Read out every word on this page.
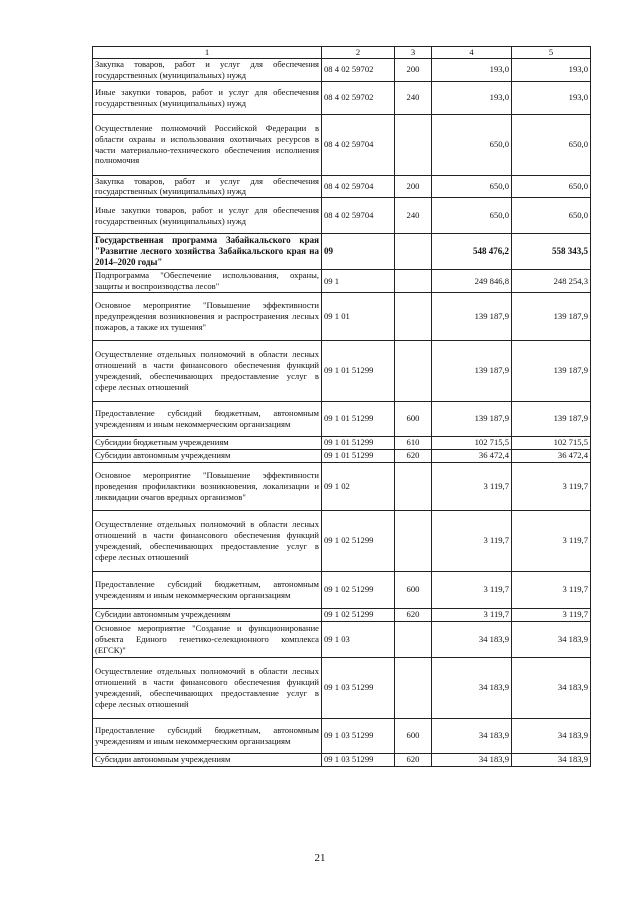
1	2	3	4	5
Закупка товаров, работ и услуг для обеспечения государственных (муниципальных) нужд	08 4 02 59702	200	193,0	193,0
Иные закупки товаров, работ и услуг для обеспечения государственных (муниципальных) нужд	08 4 02 59702	240	193,0	193,0
Осуществление полномочий Российской Федерации в области охраны и использования охотничьих ресурсов в части материально-технического обеспечения исполнения полномочия	08 4 02 59704		650,0	650,0
Закупка товаров, работ и услуг для обеспечения государственных (муниципальных) нужд	08 4 02 59704	200	650,0	650,0
Иные закупки товаров, работ и услуг для обеспечения государственных (муниципальных) нужд	08 4 02 59704	240	650,0	650,0
Государственная программа Забайкальского края "Развитие лесного хозяйства Забайкальского края на 2014–2020 годы"	09		548 476,2	558 343,5
Подпрограмма "Обеспечение использования, охраны, защиты и воспроизводства лесов"	09 1		249 846,8	248 254,3
Основное мероприятие "Повышение эффективности предупреждения возникновения и распространения лесных пожаров, а также их тушения"	09 1 01		139 187,9	139 187,9
Осуществление отдельных полномочий в области лесных отношений в части финансового обеспечения функций учреждений, обеспечивающих предоставление услуг в сфере лесных отношений	09 1 01 51299		139 187,9	139 187,9
Предоставление субсидий бюджетным, автономным учреждениям и иным некоммерческим организациям	09 1 01 51299	600	139 187,9	139 187,9
Субсидии бюджетным учреждениям	09 1 01 51299	610	102 715,5	102 715,5
Субсидии автономным учреждениям	09 1 01 51299	620	36 472,4	36 472,4
Основное мероприятие "Повышение эффективности проведения профилактики возникновения, локализации и ликвидации очагов вредных организмов"	09 1 02		3 119,7	3 119,7
Осуществление отдельных полномочий в области лесных отношений в части финансового обеспечения функций учреждений, обеспечивающих предоставление услуг в сфере лесных отношений	09 1 02 51299		3 119,7	3 119,7
Предоставление субсидий бюджетным, автономным учреждениям и иным некоммерческим организациям	09 1 02 51299	600	3 119,7	3 119,7
Субсидии автономным учреждениям	09 1 02 51299	620	3 119,7	3 119,7
Основное мероприятие "Создание и функционирование объекта Единого генетико-селекционного комплекса (ЕГСК)"	09 1 03		34 183,9	34 183,9
Осуществление отдельных полномочий в области лесных отношений в части финансового обеспечения функций учреждений, обеспечивающих предоставление услуг в сфере лесных отношений	09 1 03 51299		34 183,9	34 183,9
Предоставление субсидий бюджетным, автономным учреждениям и иным некоммерческим организациям	09 1 03 51299	600	34 183,9	34 183,9
Субсидии автономным учреждениям	09 1 03 51299	620	34 183,9	34 183,9
21
